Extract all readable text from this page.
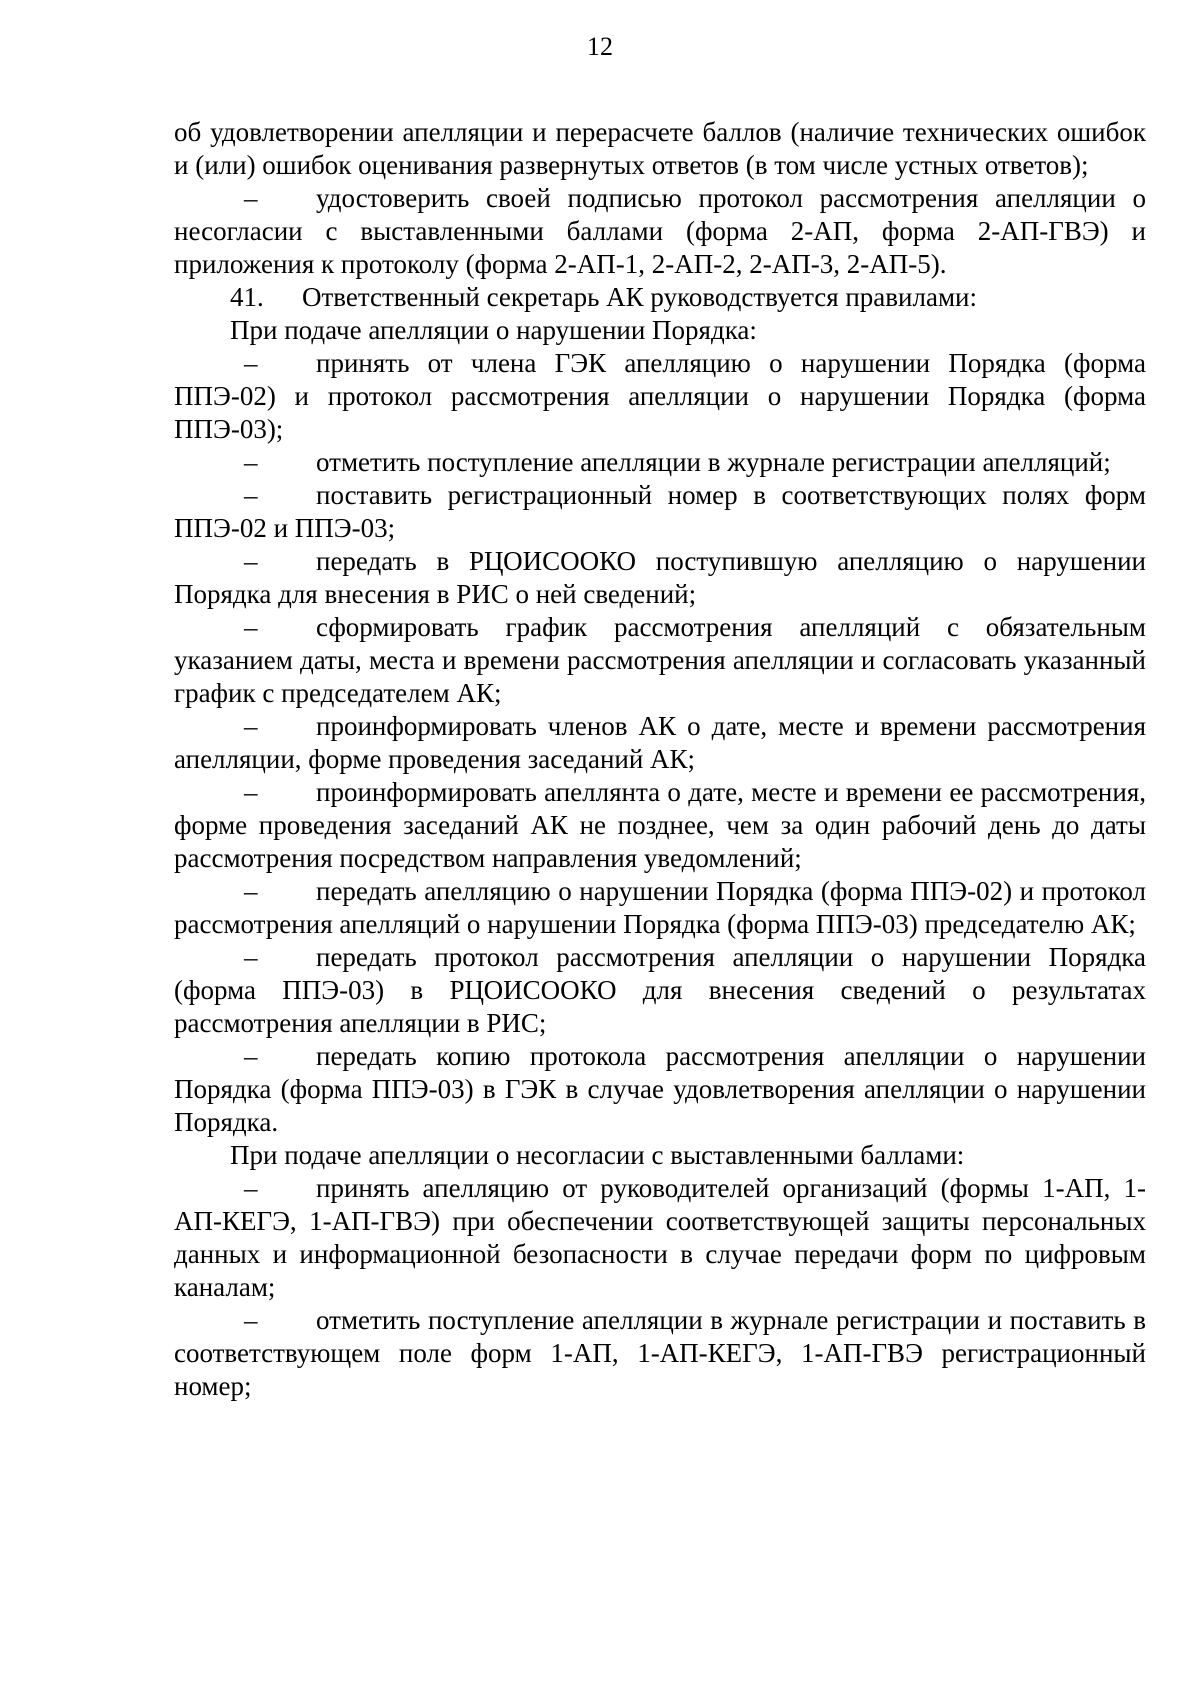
12

об удовлетворении апелляции и перерасчете баллов (наличие технических ошибок и (или) ошибок оценивания развернутых ответов (в том числе устных ответов);

– удостоверить своей подписью протокол рассмотрения апелляции о несогласии с выставленными баллами (форма 2-АП, форма 2-АП-ГВЭ) и приложения к протоколу (форма 2-АП-1, 2-АП-2, 2-АП-3, 2-АП-5).

41. Ответственный секретарь АК руководствуется правилами:

При подаче апелляции о нарушении Порядка:

– принять от члена ГЭК апелляцию о нарушении Порядка (форма ППЭ-02) и протокол рассмотрения апелляции о нарушении Порядка (форма ППЭ-03);

– отметить поступление апелляции в журнале регистрации апелляций;

– поставить регистрационный номер в соответствующих полях форм ППЭ-02 и ППЭ-03;

– передать в РЦОИСООКО поступившую апелляцию о нарушении Порядка для внесения в РИС о ней сведений;

– сформировать график рассмотрения апелляций с обязательным указанием даты, места и времени рассмотрения апелляции и согласовать указанный график с председателем АК;

– проинформировать членов АК о дате, месте и времени рассмотрения апелляции, форме проведения заседаний АК;

– проинформировать апеллянта о дате, месте и времени ее рассмотрения, форме проведения заседаний АК не позднее, чем за один рабочий день до даты рассмотрения посредством направления уведомлений;

– передать апелляцию о нарушении Порядка (форма ППЭ-02) и протокол рассмотрения апелляций о нарушении Порядка (форма ППЭ-03) председателю АК;

– передать протокол рассмотрения апелляции о нарушении Порядка (форма ППЭ-03) в РЦОИСООКО для внесения сведений о результатах рассмотрения апелляции в РИС;

– передать копию протокола рассмотрения апелляции о нарушении Порядка (форма ППЭ-03) в ГЭК в случае удовлетворения апелляции о нарушении Порядка.

При подаче апелляции о несогласии с выставленными баллами:

– принять апелляцию от руководителей организаций (формы 1-АП, 1-АП-КЕГЭ, 1-АП-ГВЭ) при обеспечении соответствующей защиты персональных данных и информационной безопасности в случае передачи форм по цифровым каналам;

– отметить поступление апелляции в журнале регистрации и поставить в соответствующем поле форм 1-АП, 1-АП-КЕГЭ, 1-АП-ГВЭ регистрационный номер;
